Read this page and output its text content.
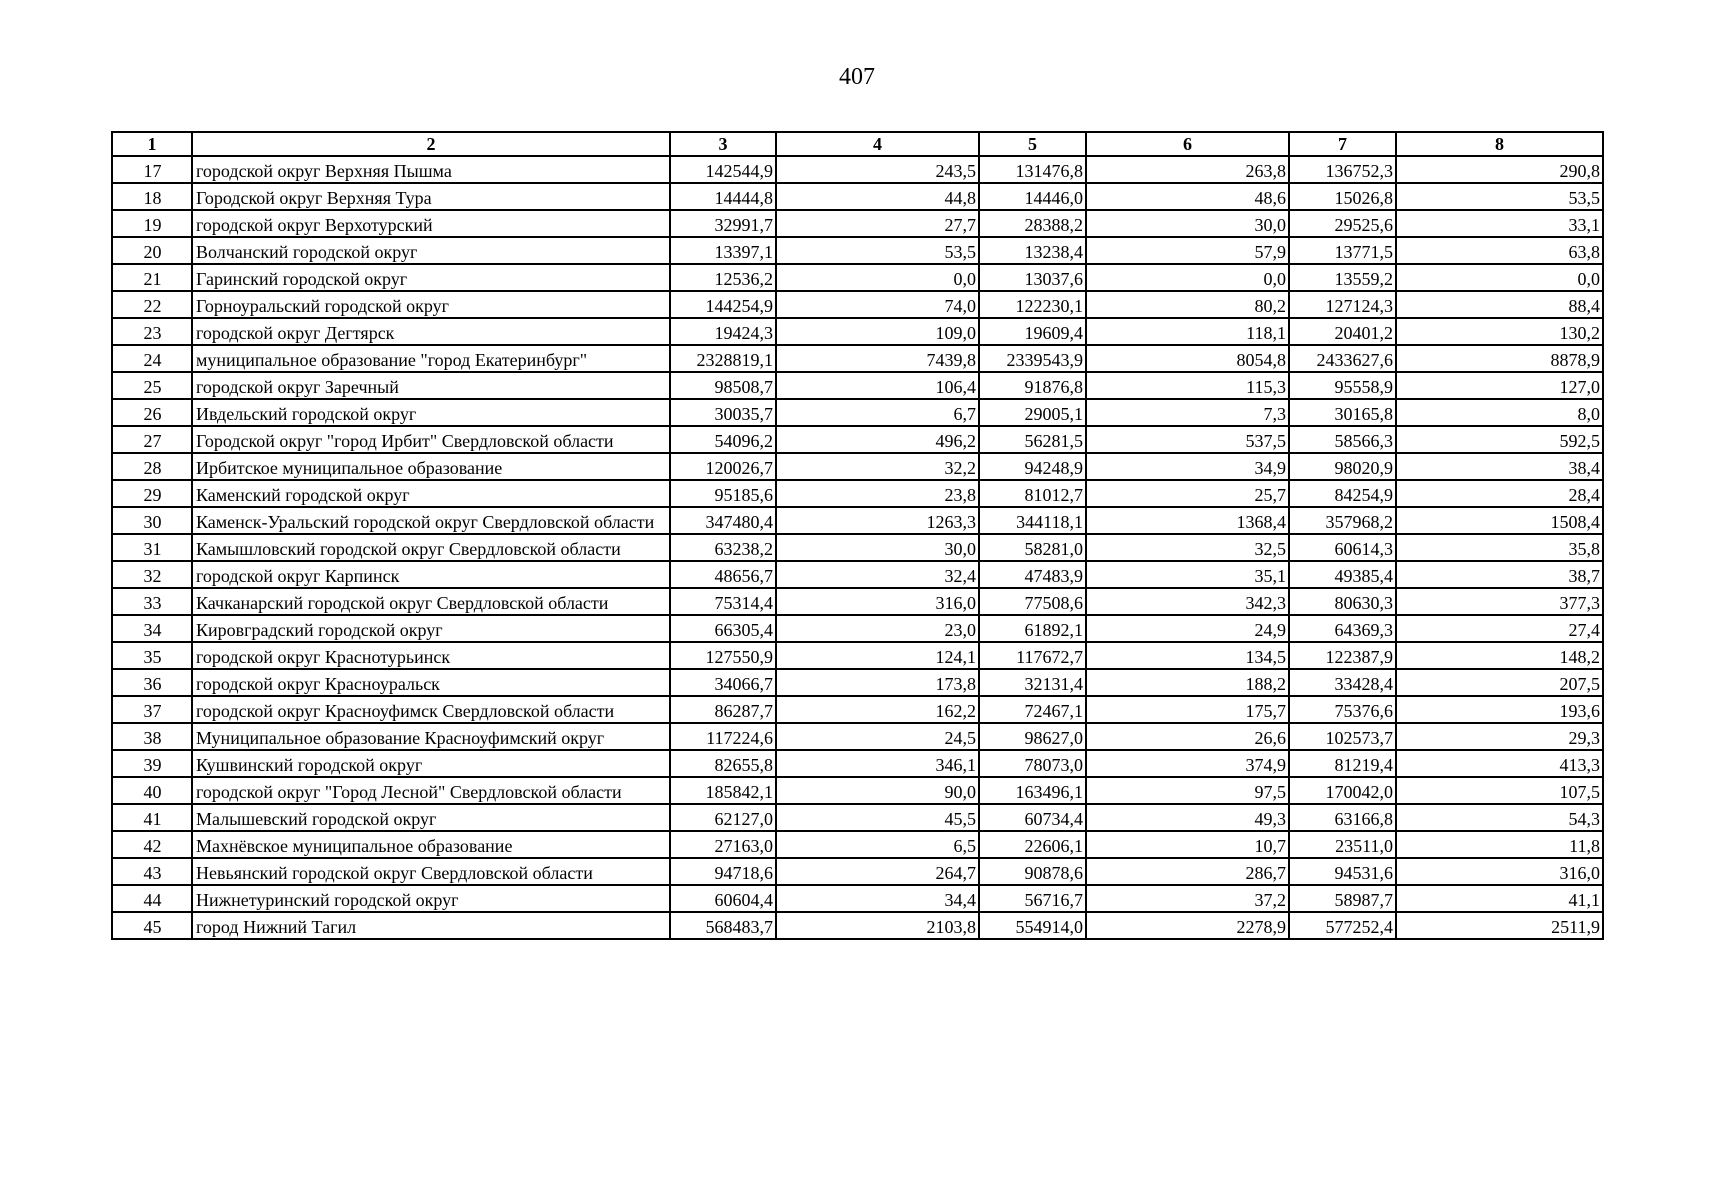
407
1	2	3	4	5	6	7	8
17	городской округ Верхняя Пышма	142544,9	243,5	131476,8	263,8	136752,3	290,8
18	Городской округ Верхняя Тура	14444,8	44,8	14446,0	48,6	15026,8	53,5
19	городской округ Верхотурский	32991,7	27,7	28388,2	30,0	29525,6	33,1
20	Волчанский городской округ	13397,1	53,5	13238,4	57,9	13771,5	63,8
21	Гаринский городской округ	12536,2	0,0	13037,6	0,0	13559,2	0,0
22	Горноуральский городской округ	144254,9	74,0	122230,1	80,2	127124,3	88,4
23	городской округ Дегтярск	19424,3	109,0	19609,4	118,1	20401,2	130,2
24	муниципальное образование "город Екатеринбург"	2328819,1	7439,8	2339543,9	8054,8	2433627,6	8878,9
25	городской округ Заречный	98508,7	106,4	91876,8	115,3	95558,9	127,0
26	Ивдельский городской округ	30035,7	6,7	29005,1	7,3	30165,8	8,0
27	Городской округ "город Ирбит" Свердловской области	54096,2	496,2	56281,5	537,5	58566,3	592,5
28	Ирбитское муниципальное образование	120026,7	32,2	94248,9	34,9	98020,9	38,4
29	Каменский городской округ	95185,6	23,8	81012,7	25,7	84254,9	28,4
30	Каменск-Уральский городской округ Свердловской области	347480,4	1263,3	344118,1	1368,4	357968,2	1508,4
31	Камышловский городской округ Свердловской области	63238,2	30,0	58281,0	32,5	60614,3	35,8
32	городской округ Карпинск	48656,7	32,4	47483,9	35,1	49385,4	38,7
33	Качканарский городской округ Свердловской области	75314,4	316,0	77508,6	342,3	80630,3	377,3
34	Кировградский городской округ	66305,4	23,0	61892,1	24,9	64369,3	27,4
35	городской округ Краснотурьинск	127550,9	124,1	117672,7	134,5	122387,9	148,2
36	городской округ Красноуральск	34066,7	173,8	32131,4	188,2	33428,4	207,5
37	городской округ Красноуфимск Свердловской области	86287,7	162,2	72467,1	175,7	75376,6	193,6
38	Муниципальное образование Красноуфимский округ	117224,6	24,5	98627,0	26,6	102573,7	29,3
39	Кушвинский городской округ	82655,8	346,1	78073,0	374,9	81219,4	413,3
40	городской округ "Город Лесной" Свердловской области	185842,1	90,0	163496,1	97,5	170042,0	107,5
41	Малышевский городской округ	62127,0	45,5	60734,4	49,3	63166,8	54,3
42	Махнёвское муниципальное образование	27163,0	6,5	22606,1	10,7	23511,0	11,8
43	Невьянский городской округ Свердловской области	94718,6	264,7	90878,6	286,7	94531,6	316,0
44	Нижнетуринский городской округ	60604,4	34,4	56716,7	37,2	58987,7	41,1
45	город Нижний Тагил	568483,7	2103,8	554914,0	2278,9	577252,4	2511,9
